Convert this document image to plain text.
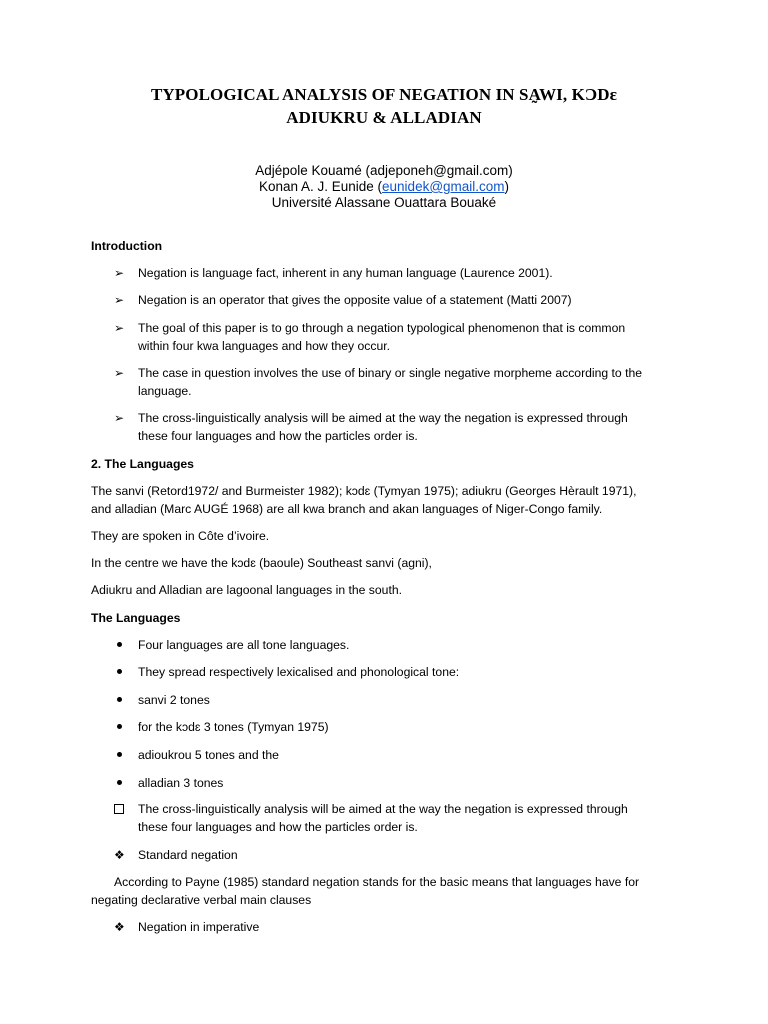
TYPOLOGICAL ANALYSIS OF NEGATION IN SA̰WI, KƆDɛ
ADIUKRU & ALLADIAN
Adjépole Kouamé (adjeponeh@gmail.com)
Konan A. J. Eunide (eunidek@gmail.com)
Université Alassane Ouattara Bouaké
Introduction
➢ Negation is language fact, inherent in any human language (Laurence 2001).
➢ Negation is an operator that gives the opposite value of a statement (Matti 2007)
➢ The goal of this paper is to go through a negation typological phenomenon that is common
within four kwa languages and how they occur.
➢ The case in question involves the use of binary or single negative morpheme according to the
language.
➢ The cross-linguistically analysis will be aimed at the way the negation is expressed through
these four languages and how the particles order is.
2. The Languages
The sanvi (Retord1972/ and Burmeister 1982); kɔdɛ (Tymyan 1975); adiukru (Georges Hèrault 1971),
and alladian (Marc AUGÉ 1968) are all kwa branch and akan languages of Niger-Congo family.
They are spoken in Côte d’ivoire.
In the centre we have the kɔdɛ (baoule) Southeast sanvi (agni),
Adiukru and Alladian are lagoonal languages in the south.
The Languages
Four languages are all tone languages.
They spread respectively lexicalised and phonological tone:
sanvi 2 tones
for the kɔdɛ 3 tones (Tymyan 1975)
adioukrou 5 tones and the
alladian 3 tones
The cross-linguistically analysis will be aimed at the way the negation is expressed through
these four languages and how the particles order is.
❖ Standard negation
According to Payne (1985) standard negation stands for the basic means that languages have for
negating declarative verbal main clauses
❖ Negation in imperative
